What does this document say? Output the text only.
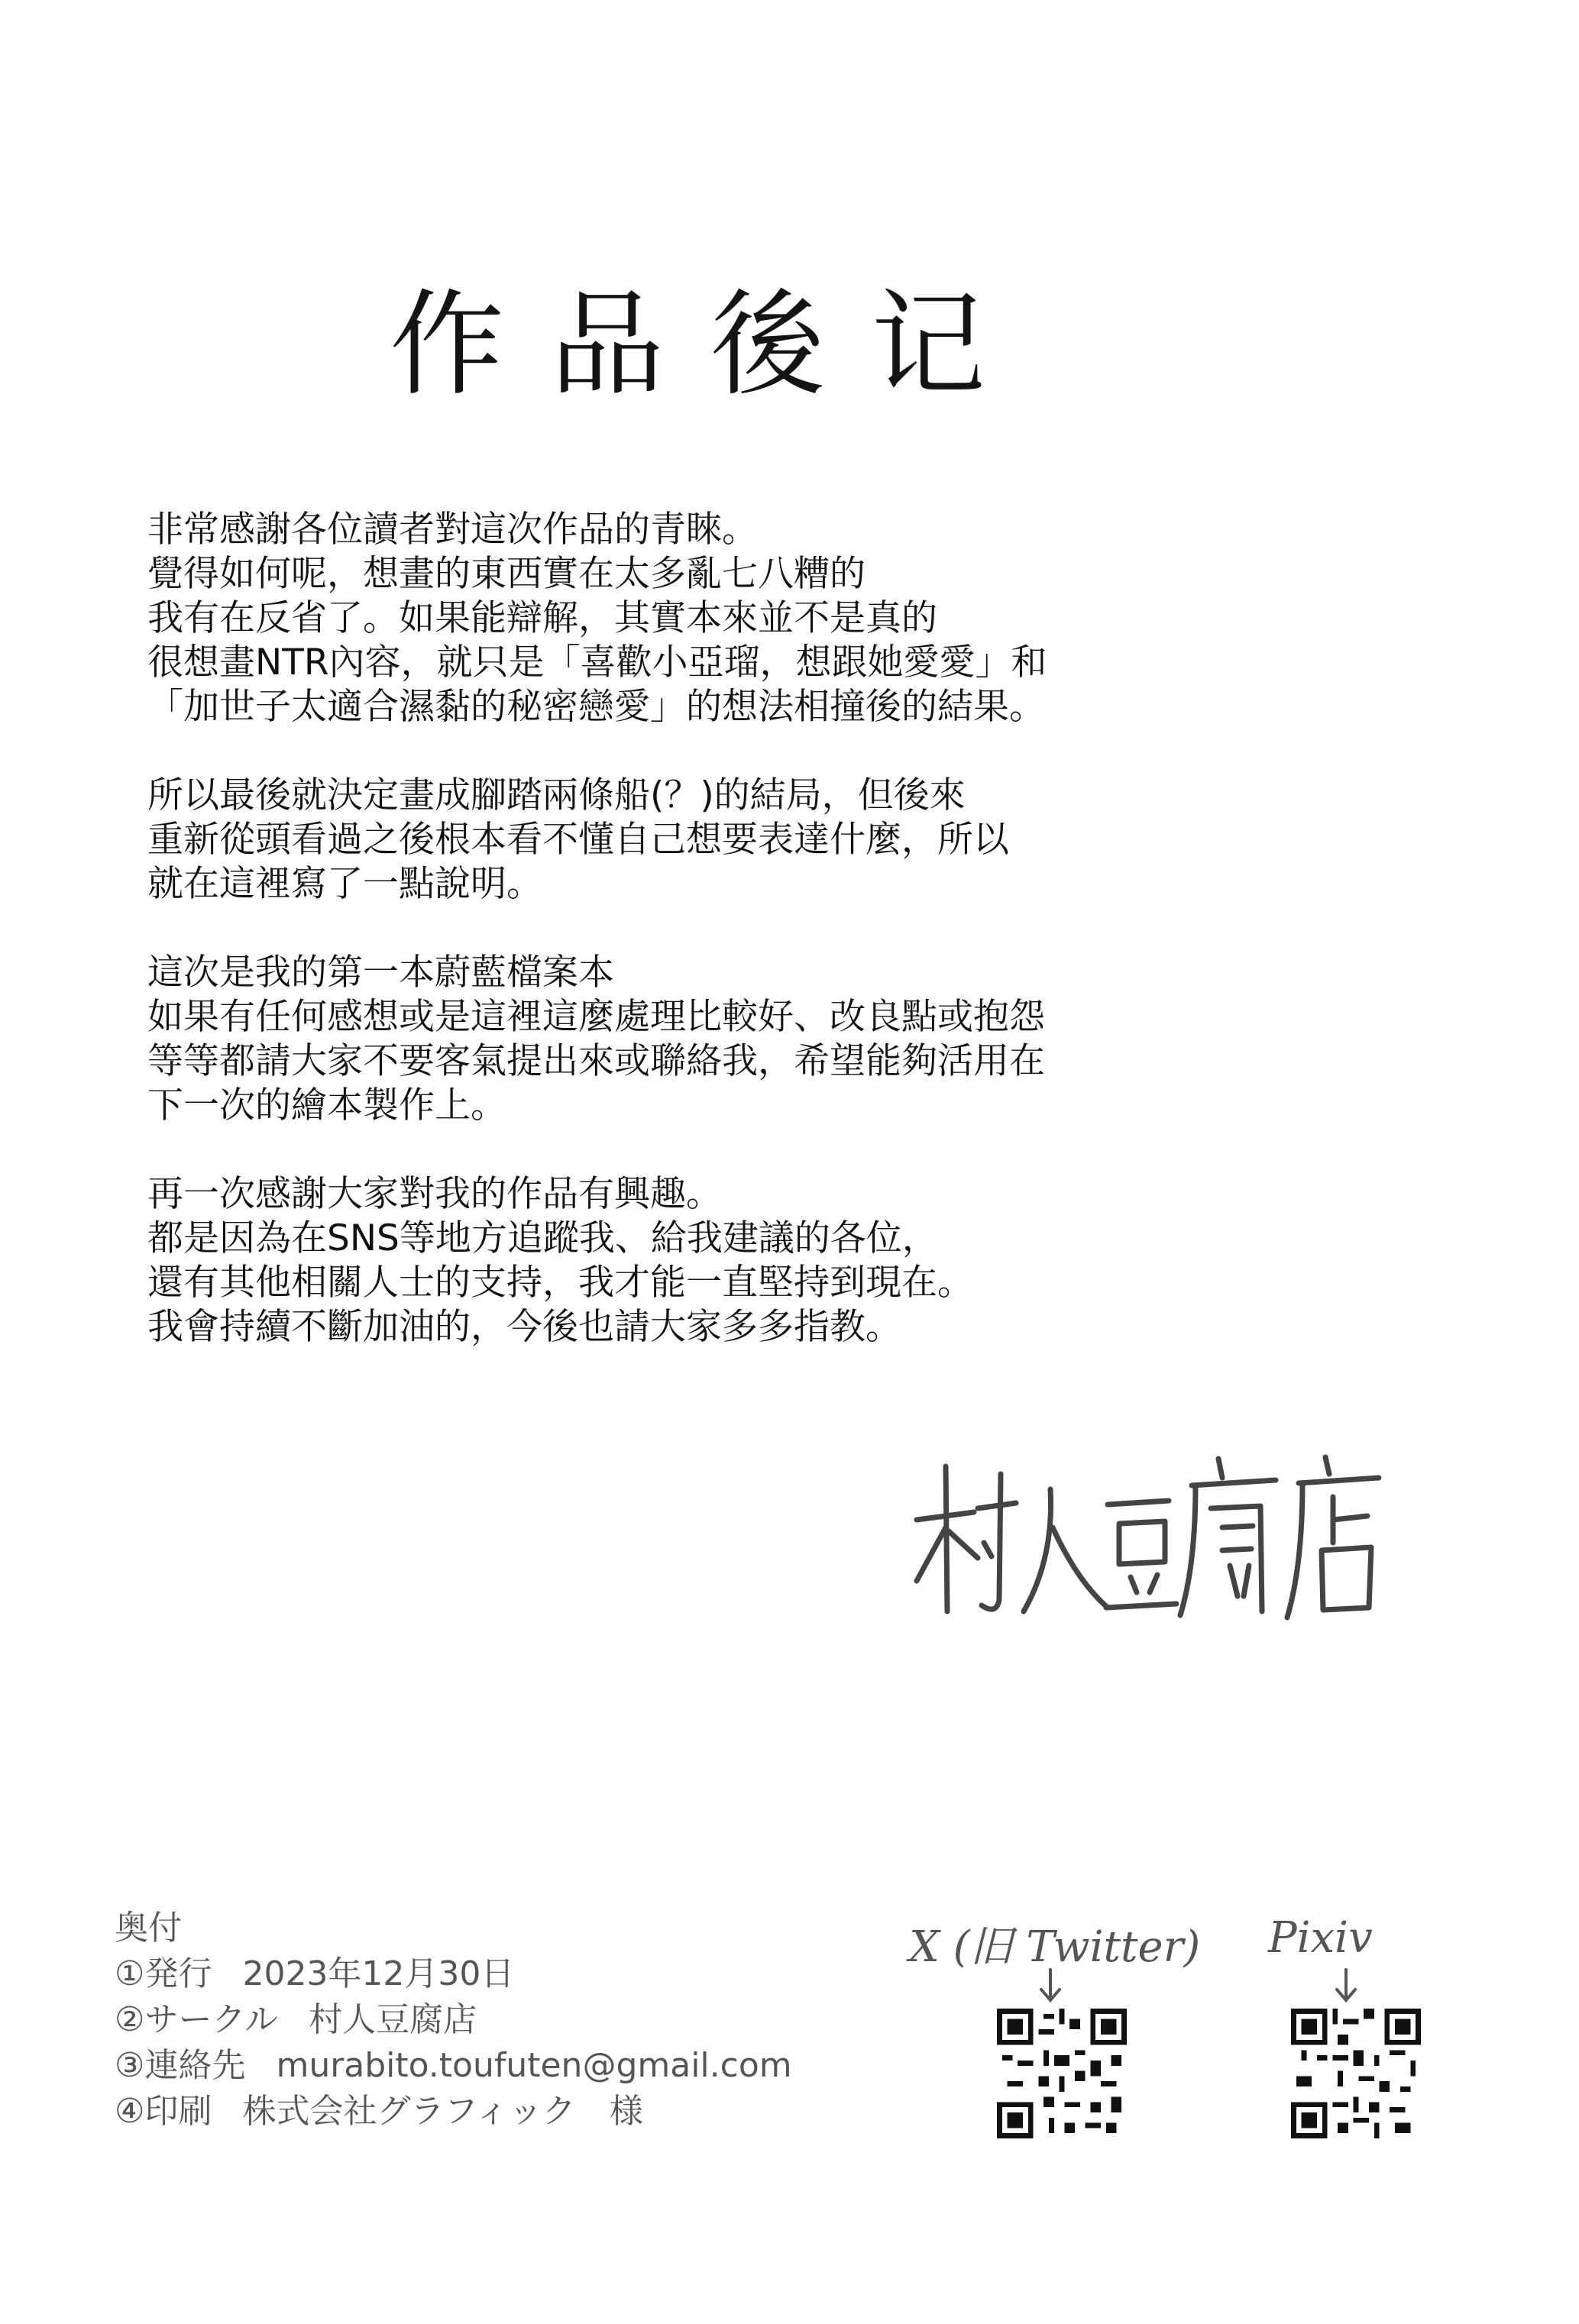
作品後记
非常感謝各位讀者對這次作品的青睞。
覺得如何呢，想畫的東西實在太多亂七八糟的
我有在反省了。如果能辯解，其實本來並不是真的
很想畫NTR內容，就只是「喜歡小亞瑠，想跟她愛愛」和
「加世子太適合濕黏的秘密戀愛」的想法相撞後的結果。
所以最後就決定畫成腳踏兩條船(？)的結局，但後來
重新從頭看過之後根本看不懂自己想要表達什麼，所以
就在這裡寫了一點說明。
這次是我的第一本蔚藍檔案本
如果有任何感想或是這裡這麼處理比較好、改良點或抱怨
等等都請大家不要客氣提出來或聯絡我，希望能夠活用在
下一次的繪本製作上。
再一次感謝大家對我的作品有興趣。
都是因為在SNS等地方追蹤我、給我建議的各位，
還有其他相關人士的支持，我才能一直堅持到現在。
我會持續不斷加油的，今後也請大家多多指教。
奥付
①発行 2023年12月30日
②サークル 村人豆腐店
③連絡先 murabito.toufuten@gmail.com
④印刷 株式会社グラフィック　様
X (旧 Twitter) Pixiv
